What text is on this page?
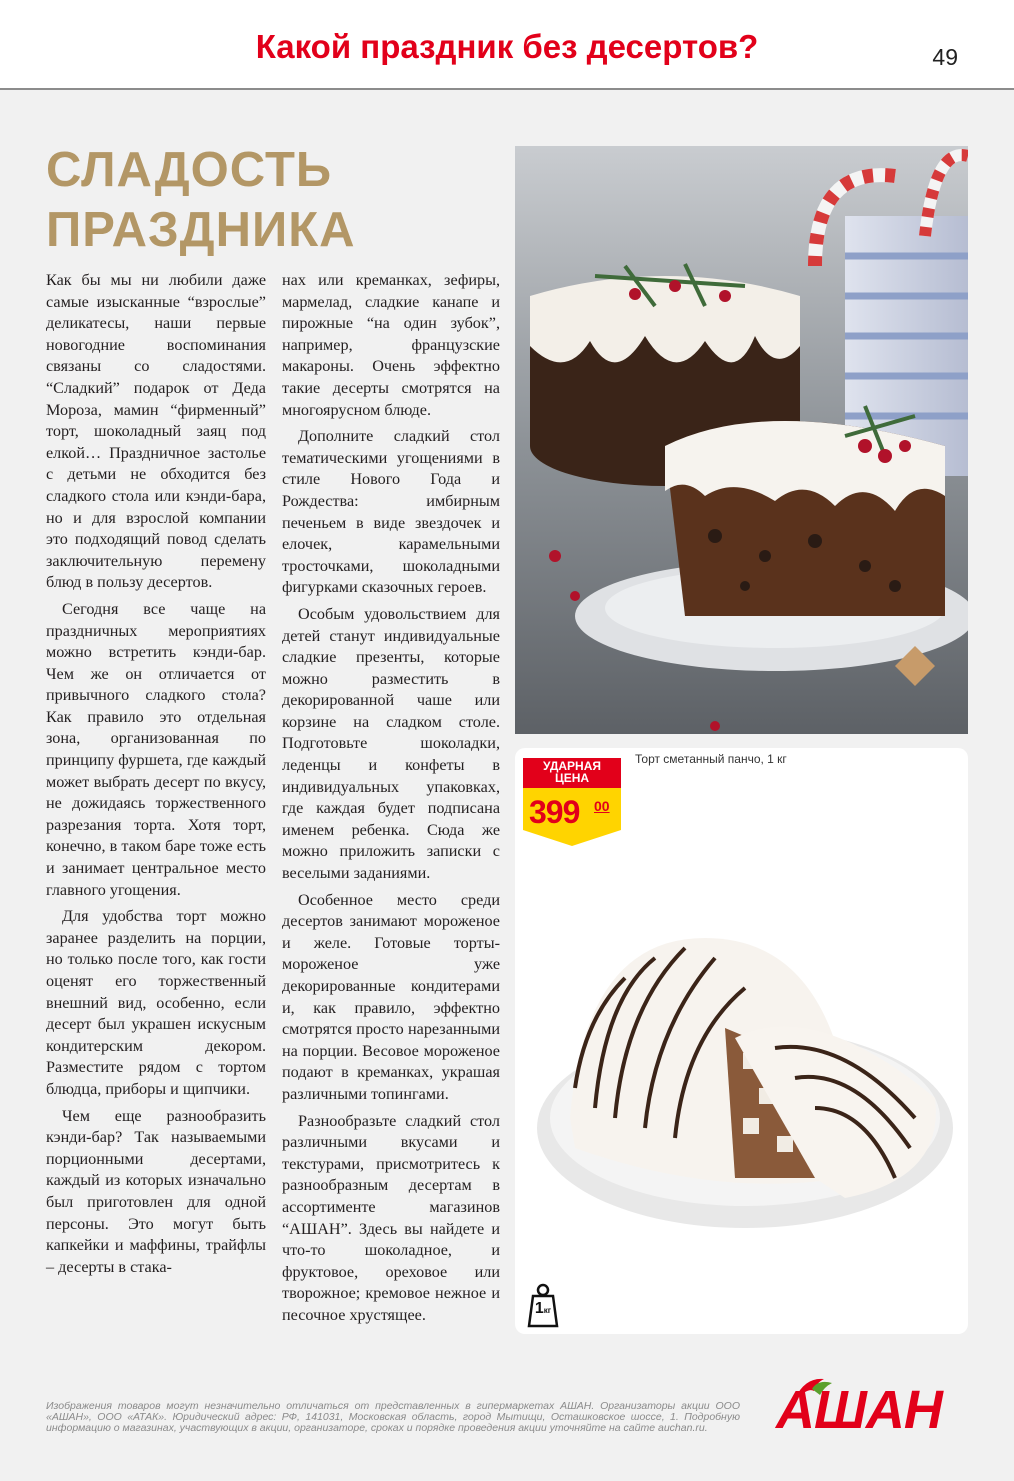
Какой праздник без десертов?	49
СЛАДОСТЬ
ПРАЗДНИКА

Как бы мы ни любили даже самые изысканные “взрослые” деликатесы, наши первые новогодние воспоминания связаны со сладостями. “Сладкий” подарок от Деда Мороза, мамин “фирменный” торт, шоколадный заяц под елкой… Праздничное застолье с детьми не обходится без сладкого стола или кэнди-бара, но и для взрослой компании это подходящий повод сделать заключительную перемену блюд в пользу десертов.

Сегодня все чаще на праздничных мероприятиях можно встретить кэнди-бар. Чем же он отличается от привычного сладкого стола? Как правило это отдельная зона, организованная по принципу фуршета, где каждый может выбрать десерт по вкусу, не дожидаясь торжественного разрезания торта. Хотя торт, конечно, в таком баре тоже есть и занимает центральное место главного угощения.

Для удобства торт можно заранее разделить на порции, но только после того, как гости оценят его торжественный внешний вид, особенно, если десерт был украшен искусным кондитерским декором. Разместите рядом с тортом блюдца, приборы и щипчики.

Чем еще разнообразить кэнди-бар? Так называемыми порционными десертами, каждый из которых изначально был приготовлен для одной персоны. Это могут быть капкейки и маффины, трайфлы – десерты в стака-

нах или креманках, зефиры, мармелад, сладкие канапе и пирожные “на один зубок”, например, французские макароны. Очень эффектно такие десерты смотрятся на многоярусном блюде.

Дополните сладкий стол тематическими угощениями в стиле Нового Года и Рождества: имбирным печеньем в виде звездочек и елочек, карамельными тросточками, шоколадными фигурками сказочных героев.

Особым удовольствием для детей станут индивидуальные сладкие презенты, которые можно разместить в декорированной чаше или корзине на сладком столе. Подготовьте шоколадки, леденцы и конфеты в индивидуальных упаковках, где каждая будет подписана именем ребенка. Сюда же можно приложить записки с веселыми заданиями.

Особенное место среди десертов занимают мороженое и желе. Готовые торты-мороженое уже декорированные кондитерами и, как правило, эффектно смотрятся просто нарезанными на порции. Весовое мороженое подают в креманках, украшая различными топингами.

Разнообразьте сладкий стол различными вкусами и текстурами, присмотритесь к разнообразным десертам в ассортименте магазинов “АШАН”. Здесь вы найдете и что-то шоколадное, и фруктовое, ореховое или творожное; кремовое нежное и песочное хрустящее.

УДАРНАЯ
ЦЕНА
399 00
Торт сметанный панчо, 1 кг
1кг
Изображения товаров могут незначительно отличаться от представленных в гипермаркетах АШАН. Организаторы акции ООО «АШАН», ООО «АТАК». Юридический адрес: РФ, 141031, Московская область, город Мытищи, Осташковское шоссе, 1. Подробную информацию о магазинах, участвующих в акции, организаторе, сроках и порядке проведения акции уточняйте на сайте auchan.ru.	АШАН
